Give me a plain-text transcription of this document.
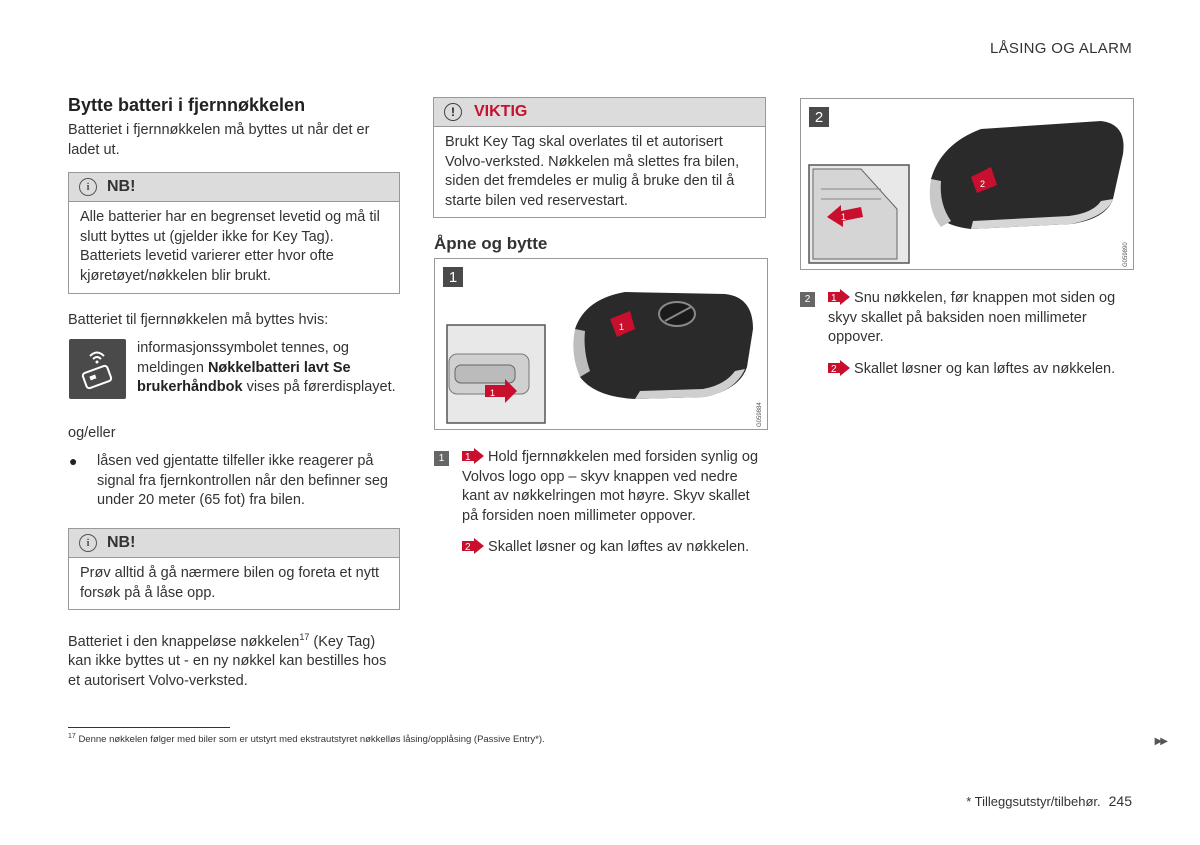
LÅSING OG ALARM
Bytte batteri i fjernnøkkelen
Batteriet i fjernnøkkelen må byttes ut når det er ladet ut.
i	NB!
Alle batterier har en begrenset levetid og må til slutt byttes ut (gjelder ikke for Key Tag). Batteriets levetid varierer etter hvor ofte kjøretøyet/nøkkelen blir brukt.
Batteriet til fjernnøkkelen må byttes hvis:
informasjonssymbolet tennes, og meldingen Nøkkelbatteri lavt Se brukerhåndbok vises på førerdisplayet.
og/eller
● låsen ved gjentatte tilfeller ikke reagerer på signal fra fjernkontrollen når den befinner seg under 20 meter (65 fot) fra bilen.
i	NB!
Prøv alltid å gå nærmere bilen og foreta et nytt forsøk på å låse opp.
Batteriet i den knappeløse nøkkelen$^{17}$ (Key Tag) kan ikke byttes ut - en ny nøkkel kan bestilles hos et autorisert Volvo-verksted.
!	VIKTIG
Brukt Key Tag skal overlates til et autorisert Volvo-verksted. Nøkkelen må slettes fra bilen, siden det fremdeles er mulig å bruke den til å starte bilen ved reservestart.
Åpne og bytte
1
1
1
G059884
1	1 Hold fjernnøkkelen med forsiden synlig og Volvos logo opp – skyv knappen ved nedre kant av nøkkelringen mot høyre. Skyv skallet på forsiden noen millimeter oppover.
2 Skallet løsner og kan løftes av nøkkelen.
2
2
1
G059890
2	1 Snu nøkkelen, før knappen mot siden og skyv skallet på baksiden noen millimeter oppover.
2 Skallet løsner og kan løftes av nøkkelen.
$^{17}$ Denne nøkkelen følger med biler som er utstyrt med ekstrautstyret nøkkelløs låsing/opplåsing (Passive Entry*).	▶▶
* Tilleggsutstyr/tilbehør. 245
